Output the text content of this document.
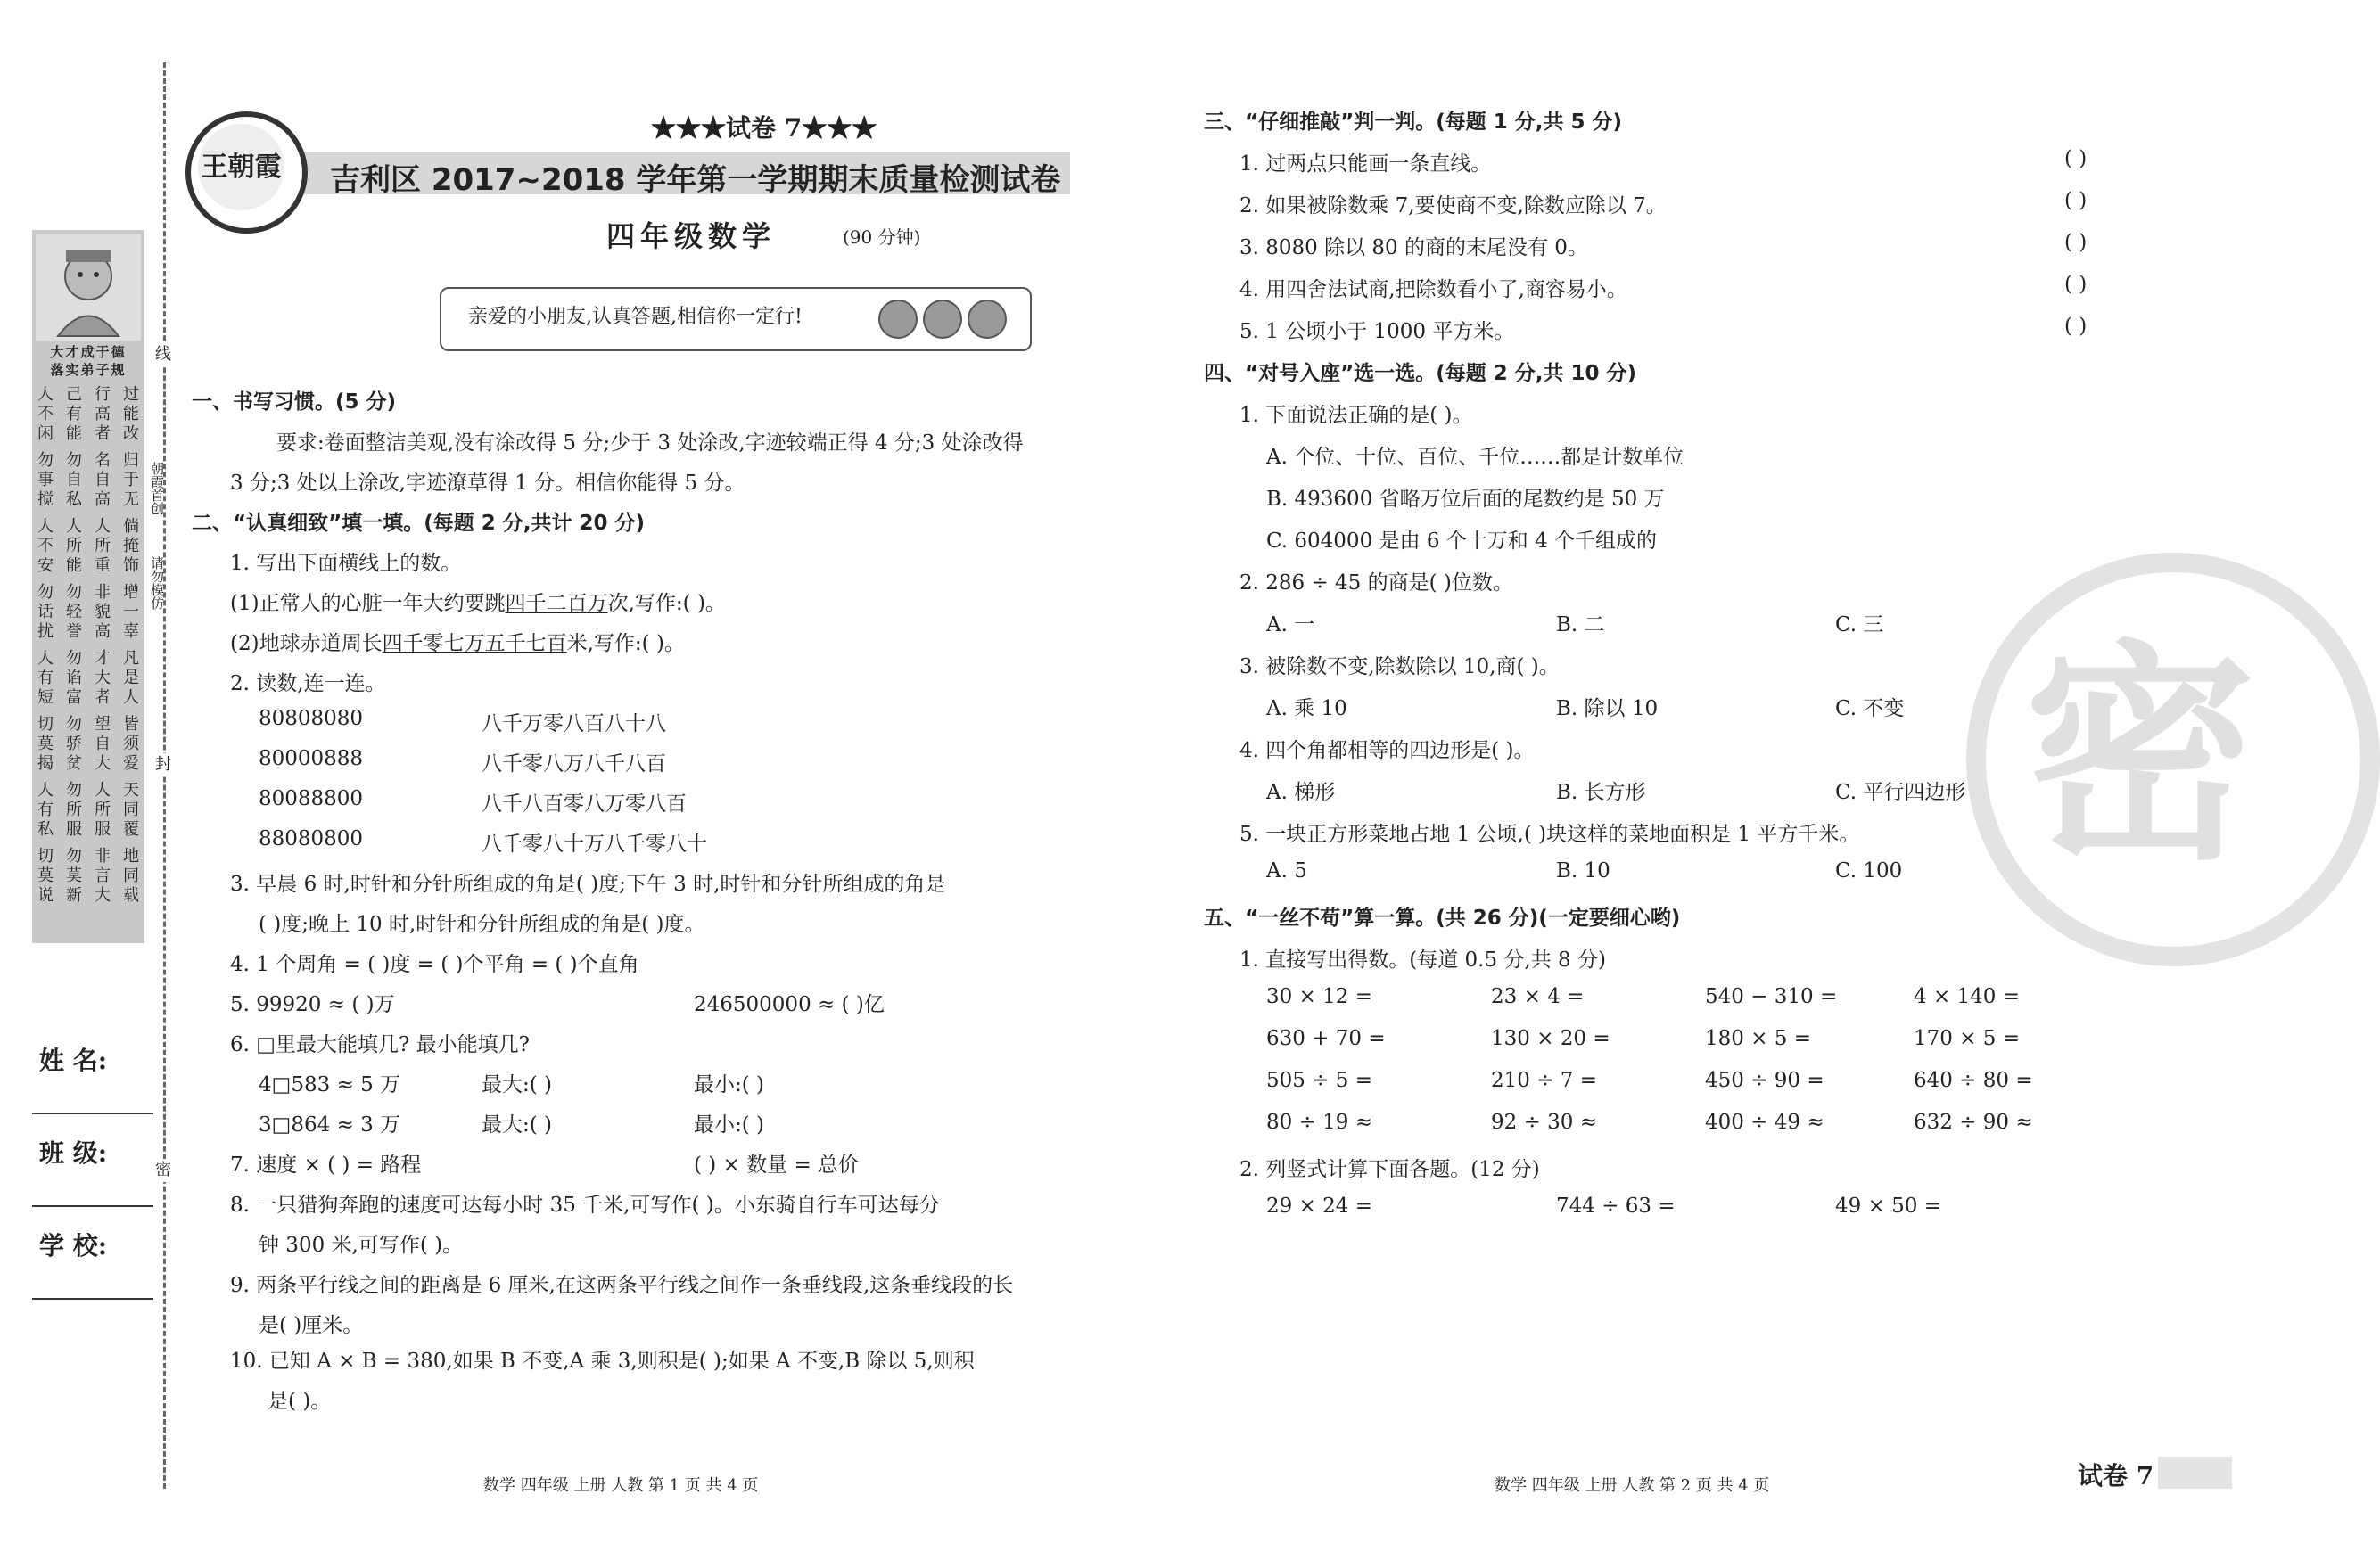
线
封
密
大才成于德
落实弟子规
人 己 行 过
不 有 高 能
闲 能 者 改
勿 勿 名 归
事 自 自 于
搅 私 高 无
人 人 人 倘
不 所 所 掩
安 能 重 饰
勿 勿 非 增
话 轻 貌 一
扰 誉 高 辜
人 勿 才 凡
有 谄 大 是
短 富 者 人
切 勿 望 皆
莫 骄 自 须
揭 贫 大 爱
人 勿 人 天
有 所 所 同
私 服 服 覆
切 勿 非 地
莫 莫 言 同
说 新 大 载
朝霞首创
请勿模仿
姓 名:
班 级:
学 校:
王朝霞
★★★试卷 7★★★
吉利区 2017~2018 学年第一学期期末质量检测试卷
四年级数学	(90 分钟)
亲爱的小朋友,认真答题,相信你一定行!
一、书写习惯。(5 分)
要求:卷面整洁美观,没有涂改得 5 分;少于 3 处涂改,字迹较端正得 4 分;3 处涂改得
3 分;3 处以上涂改,字迹潦草得 1 分。相信你能得 5 分。
二、“认真细致”填一填。(每题 2 分,共计 20 分)
1. 写出下面横线上的数。
(1)正常人的心脏一年大约要跳四千二百万次,写作:( )。
(2)地球赤道周长四千零七万五千七百米,写作:( )。
2. 读数,连一连。
80808080	八千万零八百八十八
80000888	八千零八万八千八百
80088800	八千八百零八万零八百
88080800	八千零八十万八千零八十
3. 早晨 6 时,时针和分针所组成的角是( )度;下午 3 时,时针和分针所组成的角是
( )度;晚上 10 时,时针和分针所组成的角是( )度。
4. 1 个周角 = ( )度 = ( )个平角 = ( )个直角
5. 99920 ≈ ( )万	246500000 ≈ ( )亿
6. □里最大能填几? 最小能填几?
4□583 ≈ 5 万	最大:( )	最小:( )
3□864 ≈ 3 万	最大:( )	最小:( )
7. 速度 × ( ) = 路程	( ) × 数量 = 总价
8. 一只猎狗奔跑的速度可达每小时 35 千米,可写作( )。小东骑自行车可达每分
钟 300 米,可写作( )。
9. 两条平行线之间的距离是 6 厘米,在这两条平行线之间作一条垂线段,这条垂线段的长
是( )厘米。
10. 已知 A × B = 380,如果 B 不变,A 乘 3,则积是( );如果 A 不变,B 除以 5,则积
是( )。
数学 四年级 上册 人教 第 1 页 共 4 页
密
三、“仔细推敲”判一判。(每题 1 分,共 5 分)
1. 过两点只能画一条直线。	( )
2. 如果被除数乘 7,要使商不变,除数应除以 7。	( )
3. 8080 除以 80 的商的末尾没有 0。	( )
4. 用四舍法试商,把除数看小了,商容易小。	( )
5. 1 公顷小于 1000 平方米。	( )
四、“对号入座”选一选。(每题 2 分,共 10 分)
1. 下面说法正确的是( )。
A. 个位、十位、百位、千位……都是计数单位
B. 493600 省略万位后面的尾数约是 50 万
C. 604000 是由 6 个十万和 4 个千组成的
2. 286 ÷ 45 的商是( )位数。
A. 一	B. 二	C. 三
3. 被除数不变,除数除以 10,商( )。
A. 乘 10	B. 除以 10	C. 不变
4. 四个角都相等的四边形是( )。
A. 梯形	B. 长方形	C. 平行四边形
5. 一块正方形菜地占地 1 公顷,( )块这样的菜地面积是 1 平方千米。
A. 5	B. 10	C. 100
五、“一丝不苟”算一算。(共 26 分)(一定要细心哟)
1. 直接写出得数。(每道 0.5 分,共 8 分)
30 × 12 =	23 × 4 =	540 − 310 =	4 × 140 =
630 + 70 =	130 × 20 =	180 × 5 =	170 × 5 =
505 ÷ 5 =	210 ÷ 7 =	450 ÷ 90 =	640 ÷ 80 =
80 ÷ 19 ≈	92 ÷ 30 ≈	400 ÷ 49 ≈	632 ÷ 90 ≈
2. 列竖式计算下面各题。(12 分)
29 × 24 =	744 ÷ 63 =	49 × 50 =
数学 四年级 上册 人教 第 2 页 共 4 页	试卷 7
